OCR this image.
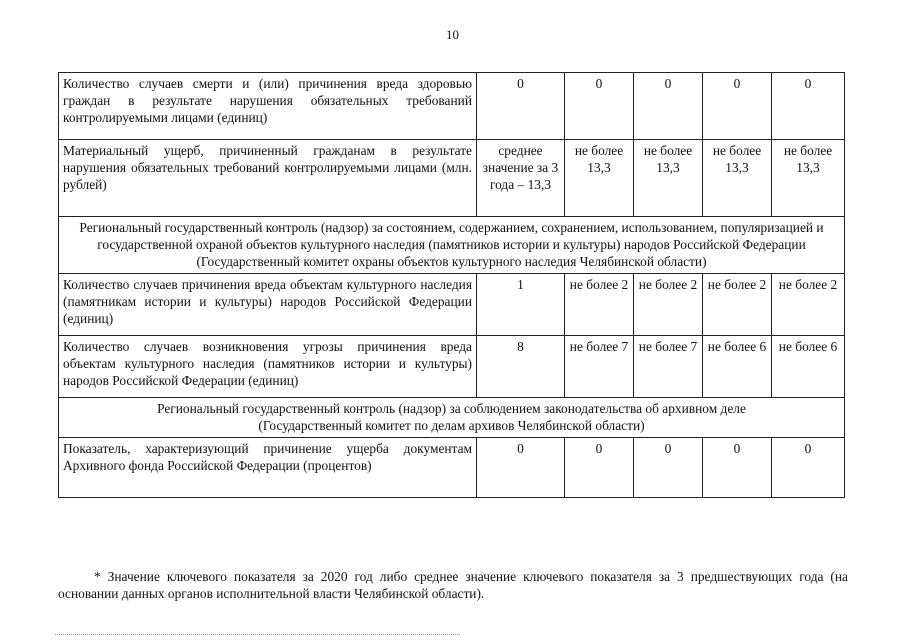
10
Количество случаев смерти и (или) причинения вреда здоровью граждан в результате нарушения обязательных требований контролируемыми лицами (единиц)	0	0	0	0	0
Материальный ущерб, причиненный гражданам в результате нарушения обязательных требований контролируемыми лицами (млн. рублей)	среднее значение за 3 года – 13,3	не более 13,3	не более 13,3	не более 13,3	не более 13,3

Региональный государственный контроль (надзор) за состоянием, содержанием, сохранением, использованием, популяризацией и государственной охраной объектов культурного наследия (памятников истории и культуры) народов Российской Федерации
(Государственный комитет охраны объектов культурного наследия Челябинской области)					

Количество случаев причинения вреда объектам культурного наследия (памятникам истории и культуры) народов Российской Федерации (единиц)	1	не более 2	не более 2	не более 2	не более 2
Количество случаев возникновения угрозы причинения вреда объектам культурного наследия (памятников истории и культуры) народов Российской Федерации (единиц)	8	не более 7	не более 7	не более 6	не более 6

Региональный государственный контроль (надзор) за соблюдением законодательства об архивном деле
(Государственный комитет по делам архивов Челябинской области)					

Показатель, характеризующий причинение ущерба документам Архивного фонда Российской Федерации (процентов)	0	0	0	0	0

* Значение ключевого показателя за 2020 год либо среднее значение ключевого показателя за 3 предшествующих года (на основании данных органов исполнительной власти Челябинской области).
